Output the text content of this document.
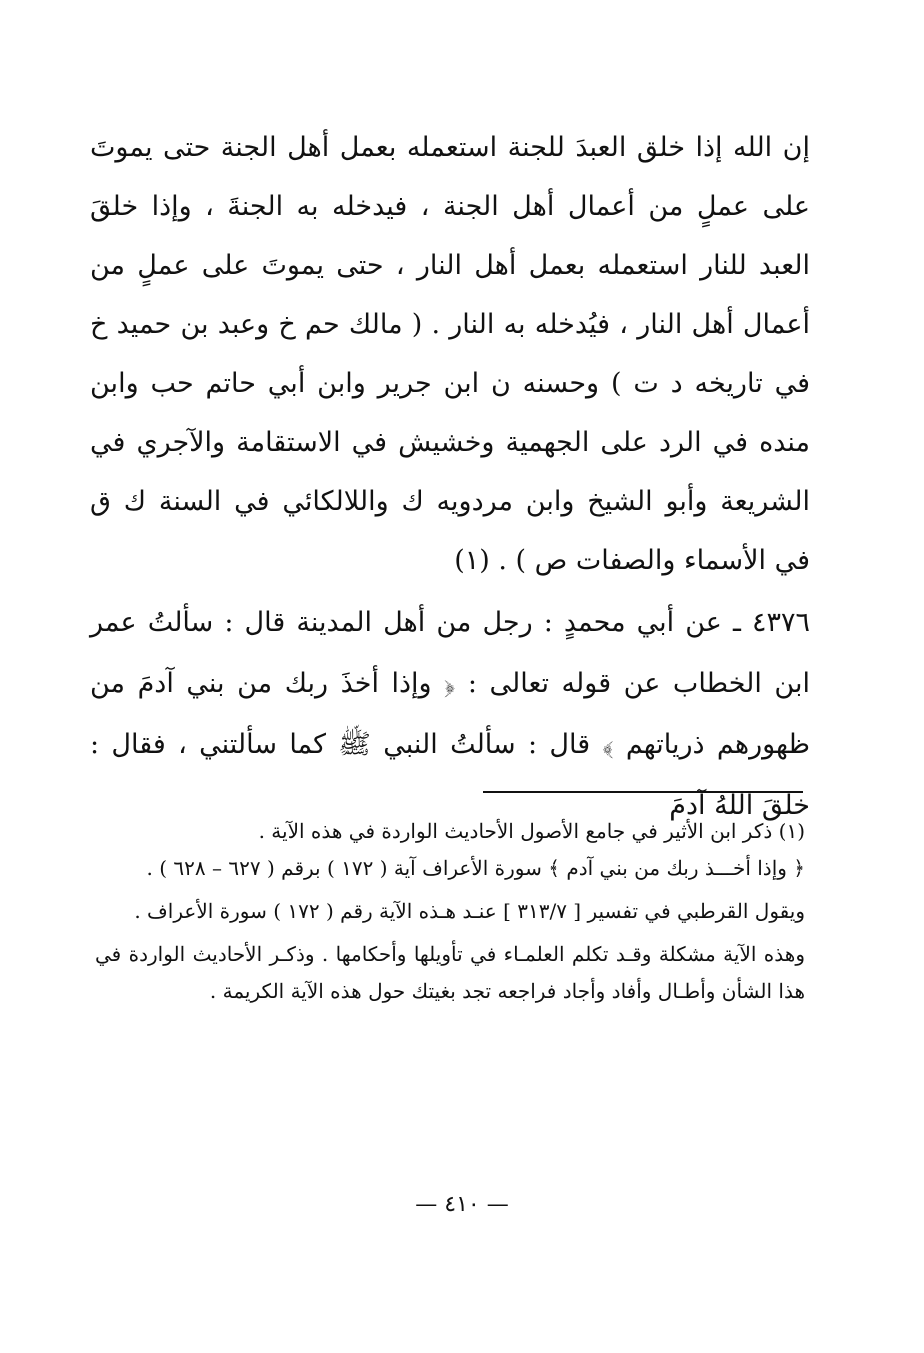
إن الله إذا خلق العبدَ للجنة استعمله بعمل أهل الجنة حتى يموتَ على عملٍ من أعمال أهل الجنة ، فيدخله به الجنةَ ، وإذا خلقَ العبد للنار استعمله بعمل أهل النار ، حتى يموتَ على عملٍ من أعمال أهل النار ، فيُدخله به النار . ( مالك حم خ وعبد بن حميد خ في تاريخه د ت ) وحسنه ن ابن جرير وابن أبي حاتم حب وابن منده في الرد على الجهمية وخشيش في الاستقامة والآجري في الشريعة وأبو الشيخ وابن مردويه ك واللالكائي في السنة ك ق في الأسماء والصفات ص ) . (١)

٤٣٧٦ ـ عن أبي محمدٍ : رجل من أهل المدينة قال : سألتُ عمر ابن الخطاب عن قوله تعالى : ﴿ وإذا أخذَ ربك من بني آدمَ من ظهورهم ذرياتهم ﴾ قال : سألتُ النبي ﷺ كما سألتني ، فقال : خلقَ اللهُ آدمَ

(١) ذكر ابن الأثير في جامع الأصول الأحاديث الواردة في هذه الآية .

﴿ وإذا أخـــذ ربك من بني آدم ﴾ سورة الأعراف آية ( ١٧٢ ) برقم ( ٦٢٧ – ٦٢٨ ) .

ويقول القرطبي في تفسير [ ٣١٣/٧ ] عنـد هـذه الآية رقم ( ١٧٢ ) سورة الأعراف .

وهذه الآية مشكلة وقـد تكلم العلمـاء في تأويلها وأحكامها . وذكـر الأحاديث الواردة في هذا الشأن وأطـال وأفاد وأجاد فراجعه تجد بغيتك حول هذه الآية الكريمة .

— ٤١٠ —
